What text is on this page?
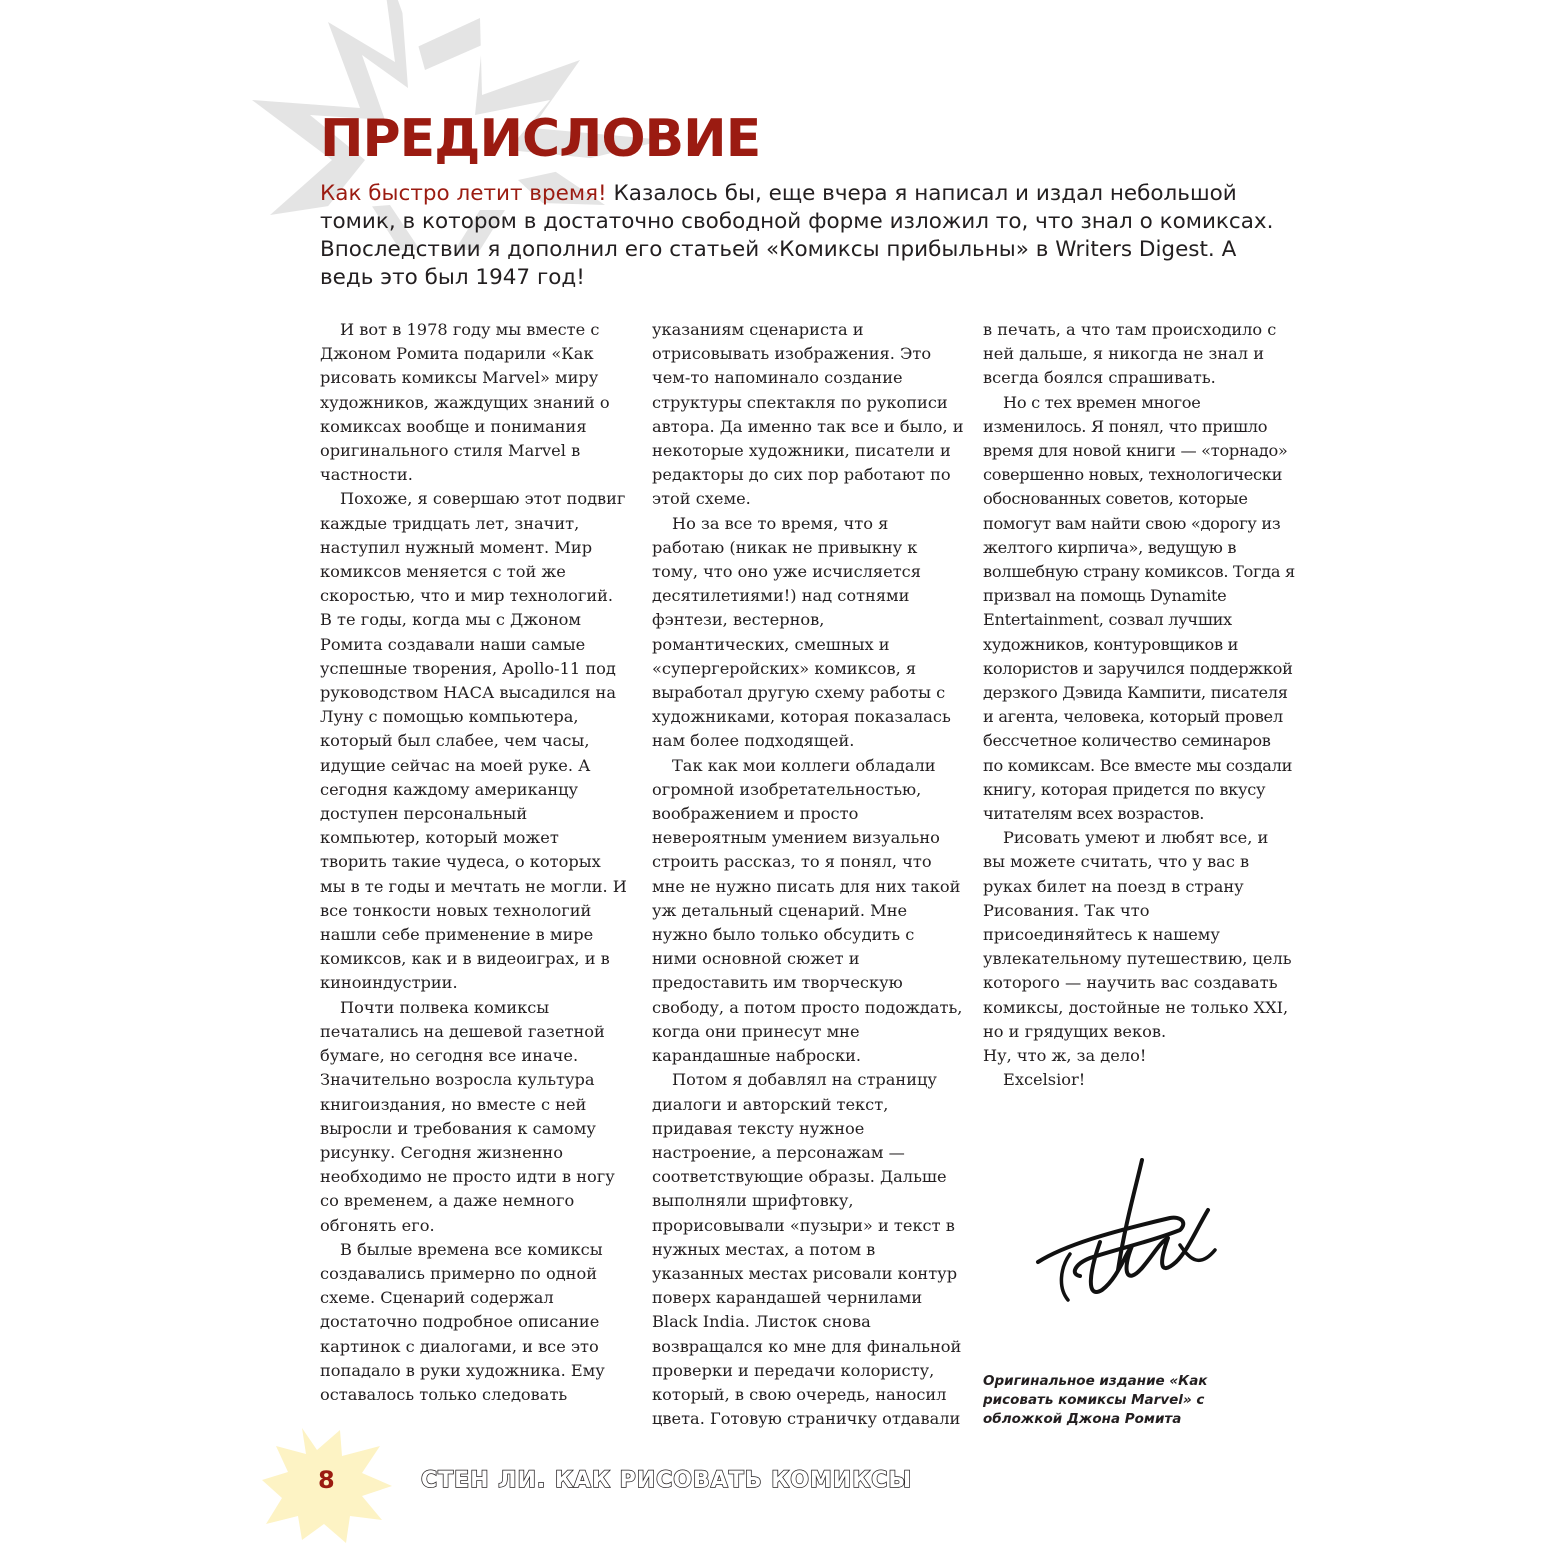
ПРЕДИСЛОВИЕ

Как быстро летит время! Казалось бы, еще вчера я написал и издал небольшой томик, в котором в достаточно свободной форме изложил то, что знал о комиксах. Впоследствии я дополнил его статьей «Комиксы прибыльны» в Writers Digest. А ведь это был 1947 год!

И вот в 1978 году мы вместе с Джоном Ромита подарили «Как рисовать комиксы Marvel» миру художников, жаждущих знаний о комиксах вообще и понимания оригинального стиля Marvel в частности.

Похоже, я совершаю этот подвиг каждые тридцать лет, значит, наступил нужный момент. Мир комиксов меняется с той же скоростью, что и мир технологий. В те годы, когда мы с Джоном Ромита создавали наши самые успешные творения, Apollo-11 под руководством НАСА высадился на Луну с помощью компьютера, который был слабее, чем часы, идущие сейчас на моей руке. А сегодня каждому американцу доступен персональный компьютер, который может творить такие чудеса, о которых мы в те годы и мечтать не могли. И все тонкости новых технологий нашли себе применение в мире комиксов, как и в видеоиграх, и в киноиндустрии.

Почти полвека комиксы печатались на дешевой газетной бумаге, но сегодня все иначе. Значительно возросла культура книгоиздания, но вместе с ней выросли и требования к самому рисунку. Сегодня жизненно необходимо не просто идти в ногу со временем, а даже немного обгонять его.

В былые времена все комиксы создавались примерно по одной схеме. Сценарий содержал достаточно подробное описание картинок с диалогами, и все это попадало в руки художника. Ему оставалось только следовать

указаниям сценариста и отрисовывать изображения. Это чем-то напоминало создание структуры спектакля по рукописи автора. Да именно так все и было, и некоторые художники, писатели и редакторы до сих пор работают по этой схеме.

Но за все то время, что я работаю (никак не привыкну к тому, что оно уже исчисляется десятилетиями!) над сотнями фэнтези, вестернов, романтических, смешных и «супергеройских» комиксов, я выработал другую схему работы с художниками, которая показалась нам более подходящей.

Так как мои коллеги обладали огромной изобретательностью, воображением и просто невероятным умением визуально строить рассказ, то я понял, что мне не нужно писать для них такой уж детальный сценарий. Мне нужно было только обсудить с ними основной сюжет и предоставить им творческую свободу, а потом просто подождать, когда они принесут мне карандашные наброски.

Потом я добавлял на страницу диалоги и авторский текст, придавая тексту нужное настроение, а персонажам — соответствующие образы. Дальше выполняли шрифтовку, прорисовывали «пузыри» и текст в нужных местах, а потом в указанных местах рисовали контур поверх карандашей чернилами Black India. Листок снова возвращался ко мне для финальной проверки и передачи колористу, который, в свою очередь, наносил цвета. Готовую страничку отдавали

в печать, а что там происходило с ней дальше, я никогда не знал и всегда боялся спрашивать.

Но с тех времен многое изменилось. Я понял, что пришло время для новой книги — «торнадо» совершенно новых, технологически обоснованных советов, которые помогут вам найти свою «дорогу из желтого кирпича», ведущую в волшебную страну комиксов. Тогда я призвал на помощь Dynamite Entertainment, созвал лучших художников, контуровщиков и колористов и заручился поддержкой дерзкого Дэвида Кампити, писателя и агента, человека, который провел бессчетное количество семинаров по комиксам. Все вместе мы создали книгу, которая придется по вкусу читателям всех возрастов.

Рисовать умеют и любят все, и вы можете считать, что у вас в руках билет на поезд в страну Рисования. Так что присоединяйтесь к нашему увлекательному путешествию, цель которого — научить вас создавать комиксы, достойные не только XXI, но и грядущих веков.

Ну, что ж, за дело!

Excelsior!

Оригинальное издание «Как рисовать комиксы Marvel» с обложкой Джона Ромита

8	СТЕН ЛИ. КАК РИСОВАТЬ КОМИКСЫ
